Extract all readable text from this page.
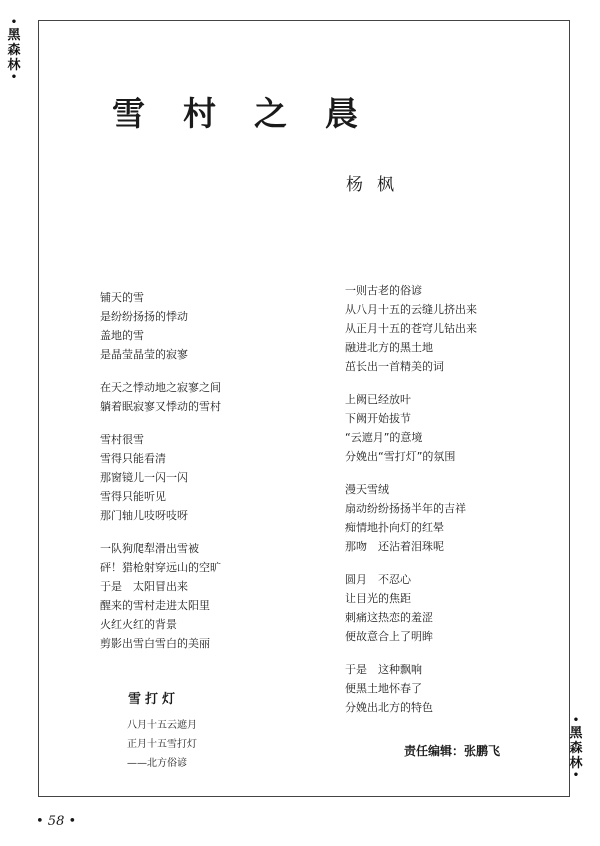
•
黑
森
林
•
•
黑
森
林
•
雪村之晨
杨枫
铺天的雪
是纷纷扬扬的悸动
盖地的雪
是晶莹晶莹的寂寥
在天之悸动地之寂寥之间
躺着眠寂寥又悸动的雪村
雪村很雪
雪得只能看清
那窗镜儿一闪一闪
雪得只能听见
那门轴儿吱呀吱呀
一队狗爬犁滑出雪被
砰！猎枪射穿远山的空旷
于是　太阳冒出来
醒来的雪村走进太阳里
火红火红的背景
剪影出雪白雪白的美丽
一则古老的俗谚
从八月十五的云缝儿挤出来
从正月十五的苍穹儿钻出来
融进北方的黑土地
茁长出一首精美的词
上阙已经放叶
下阙开始拔节
“云遮月”的意境
分娩出“雪打灯”的氛围
漫天雪绒
扇动纷纷扬扬半年的吉祥
痴情地扑向灯的红晕
那吻　还沾着泪珠呢
圆月　不忍心
让目光的焦距
刺痛这热恋的羞涩
便故意合上了明眸
于是　这种飘响
便黑土地怀春了
分娩出北方的特色
雪打灯
八月十五云遮月
正月十五雪打灯
——北方俗谚
责任编辑：张鹏飞
• 58 •
